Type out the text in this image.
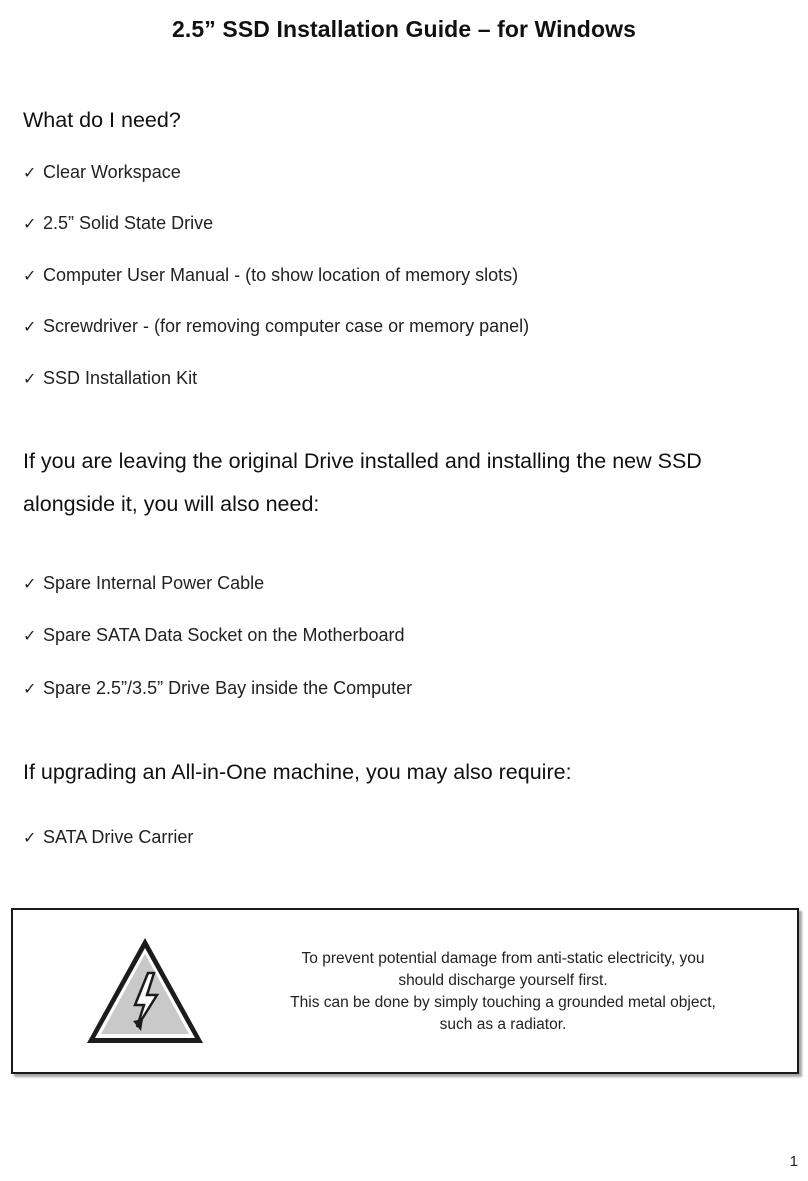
2.5” SSD Installation Guide – for Windows
What do I need?
✓ Clear Workspace
✓ 2.5” Solid State Drive
✓ Computer User Manual - (to show location of memory slots)
✓ Screwdriver - (for removing computer case or memory panel)
✓ SSD Installation Kit
If you are leaving the original Drive installed and installing the new SSD
alongside it, you will also need:
✓ Spare Internal Power Cable
✓ Spare SATA Data Socket on the Motherboard
✓ Spare 2.5”/3.5” Drive Bay inside the Computer
If upgrading an All-in-One machine, you may also require:
✓ SATA Drive Carrier
To prevent potential damage from anti-static electricity, you
should discharge yourself first.
This can be done by simply touching a grounded metal object,
such as a radiator.
1
